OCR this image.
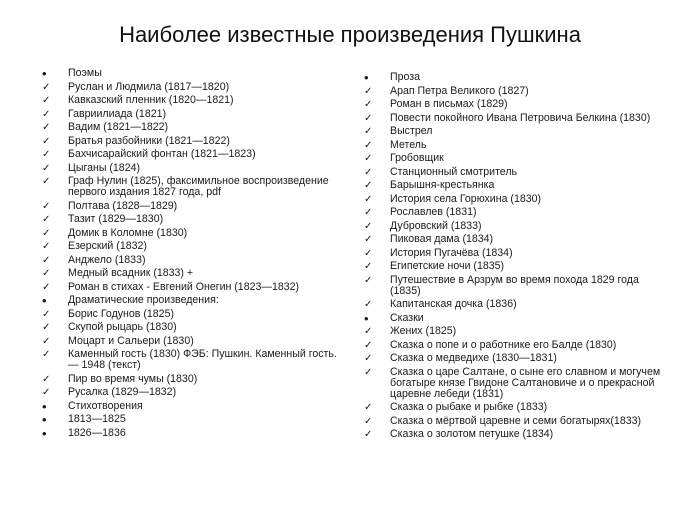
Наиболее известные произведения Пушкина
•	Поэмы
✓	Руслан и Людмила (1817—1820)
✓	Кавказский пленник (1820—1821)
✓	Гавриилиада (1821)
✓	Вадим (1821—1822)
✓	Братья разбойники (1821—1822)
✓	Бахчисарайский фонтан (1821—1823)
✓	Цыганы (1824)
✓	Граф Нулин (1825), факсимильное воспроизведение первого издания 1827 года, pdf
✓	Полтава (1828—1829)
✓	Тазит (1829—1830)
✓	Домик в Коломне (1830)
✓	Езерский (1832)
✓	Анджело (1833)
✓	Медный всадник (1833) +
✓	Роман в стихах - Евгений Онегин (1823—1832)
•	Драматические произведения:
✓	Борис Годунов (1825)
✓	Скупой рыцарь (1830)
✓	Моцарт и Сальери (1830)
✓	Каменный гость (1830) ФЭБ: Пушкин. Каменный гость. — 1948 (текст)
✓	Пир во время чумы (1830)
✓	Русалка (1829—1832)
•	Стихотворения
•	1813—1825
•	1826—1836
•	Проза
✓	Арап Петра Великого (1827)
✓	Роман в письмах (1829)
✓	Повести покойного Ивана Петровича Белкина (1830)
✓	Выстрел
✓	Метель
✓	Гробовщик
✓	Станционный смотритель
✓	Барышня-крестьянка
✓	История села Горюхина (1830)
✓	Рославлев (1831)
✓	Дубровский (1833)
✓	Пиковая дама (1834)
✓	История Пугачёва (1834)
✓	Египетские ночи (1835)
✓	Путешествие в Арзрум во время похода 1829 года (1835)
✓	Капитанская дочка (1836)
•	Сказки
✓	Жених (1825)
✓	Сказка о попе и о работнике его Балде (1830)
✓	Сказка о медведихе (1830—1831)
✓	Сказка о царе Салтане, о сыне его славном и могучем богатыре князе Гвидоне Салтановиче и о прекрасной царевне лебеди (1831)
✓	Сказка о рыбаке и рыбке (1833)
✓	Сказка о мёртвой царевне и семи богатырях(1833)
✓	Сказка о золотом петушке (1834)
